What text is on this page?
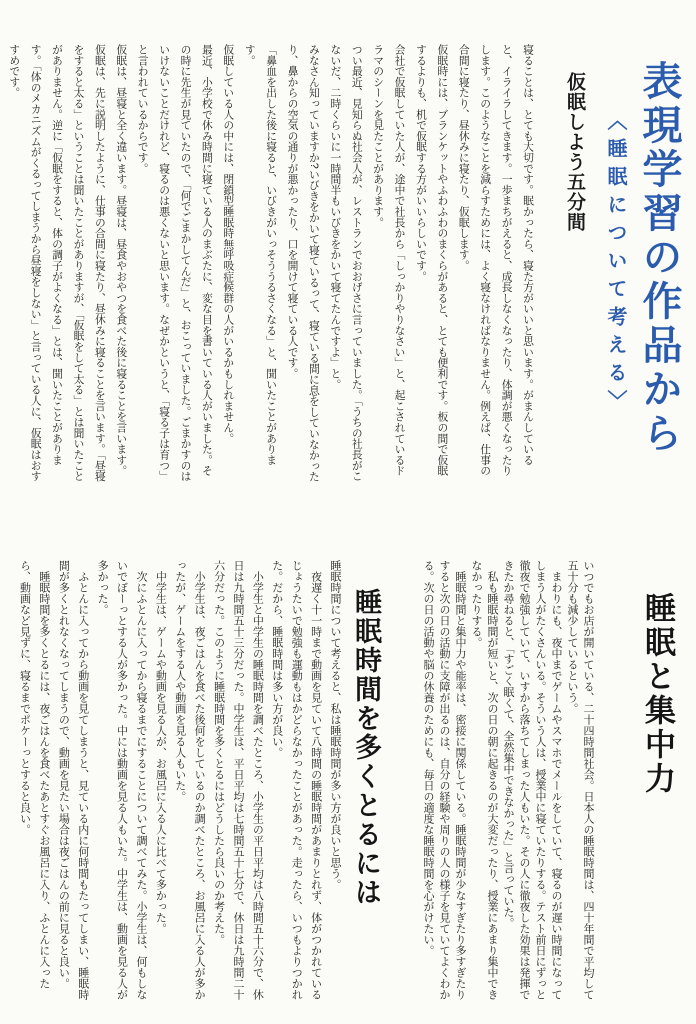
表現学習の作品から
〈睡眠について考える〉
仮眠しよう五分間

寝ることは、とても大切です。眠かったら、寝た方がいいと思います。がまんしていると、イライラしてきます。一歩まちがえると、成長しなくなったり、体調が悪くなったりします。このようなことを減らすためには、よく寝なければなりません。例えば、仕事の合間に寝たり、昼休みに寝たり、仮眠します。

仮眠時には、ブランケットやふわふわのまくらがあると、とても便利です。板の間で仮眠するよりも、机で仮眠する方がいいらしいです。

会社で仮眠していた人が、途中で社長から「しっかりやりなさい」と、起こされているドラマのシーンを見たことがあります。

つい最近、見知らぬ社会人が、レストランでおおげさに言っていました。「うちの社長がこないだ、二時くらいに一時間半もいびきをかいて寝てたんですよ」と。

みなさん知っていますか?いびきをかいて寝ているって、寝ている間に息をしていなかったり、鼻からの空気の通りが悪かったり、口を開けて寝ている人です。

「鼻血を出した後に寝ると、いびきがいっそううるさくなる」と、聞いたことがあります。

仮眠している人の中には、閉鎖型睡眠時無呼吸症候群の人がいるかもしれません。

最近、小学校で休み時間に寝ている人のまぶたに、変な目を書いている人がいました。その時に先生が見ていたので、「何でごまかしてんだ」と、おこっていました。ごまかすのはいけないことだけれど、寝るのは悪くないと思います。なぜかというと、「寝る子は育つ」と言われているからです。

仮眠は、昼寝と全く違います。昼寝は、昼食やおやつを食べた後に寝ることを言います。仮眠は、先に説明したように、仕事の合間に寝たり、昼休みに寝ることを言います。「昼寝をすると太る」ということは聞いたことがありますが、「仮眠をして太る」とは聞いたことがありません。逆に「仮眠をすると、体の調子がよくなる」とは、聞いたことがあります。「体のメカニズムがくるってしまうから昼寝をしない」と言っている人に、仮眠はおすすめです。

睡眠と集中力

いつでもお店が開いている、二十四時間社会。日本人の睡眠時間は、四十年間で平均して五十分も減少しているという。

まわりにも、夜中までゲームやスマホでメールをしていて、寝るのが遅い時間になってしまう人がたくさんいる。そういう人は、授業中に寝ていたりする。テスト前日にずっと徹夜で勉強していて、いすから落ちてしまった人もいた。その人に徹夜した効果は発揮できたか尋ねると、「すごく眠くて、全然集中できなかった」と言っていた。

私も睡眠時間が短いと、次の日の朝に起きるのが大変だったり、授業にあまり集中できなかったりする。

睡眠時間と集中力や能率は、密接に関係している。睡眠時間が少なすぎたり多すぎたりすると次の日の活動に支障が出るのは、自分の経験や周りの人の様子を見ていてよくわかる。次の日の活動や脳の休養のためにも、毎日の適度な睡眠時間を心がけたい。

睡眠時間を多くとるには

睡眠時間について考えると、私は睡眠時間が多い方が良いと思う。

夜遅く十一時まで動画を見ていて八時間の睡眠時間があまりとれず、体がつかれているじょうたいで勉強も運動もはかどらなかったことがあった。走ったら、いつもよりつかれた。だから、睡眠時間は多い方が良い。

小学生と中学生の睡眠時間を調べたところ、小学生の平日平均は八時間五十六分で、休日は九時間五十三分だった。中学生は、平日平均は七時間五十七分で、休日は九時間二十六分だった。このように睡眠時間を多くとるにはどうしたら良いのか考えた。

小学生は、夜ごはんを食べた後何をしているのか調べたところ、お風呂に入る人が多かったが、ゲームをする人や動画を見る人もいた。

中学生は、ゲームや動画を見る人が、お風呂に入る人に比べて多かった。

次にふとんに入ってから寝るまでにすることについて調べてみた。小学生は、何もしないでぼーっとする人が多かった。中には動画を見る人もいた。中学生は、動画を見る人が多かった。

ふとんに入ってから動画を見てしまうと、見ている内に何時間もたってしまい、睡眠時間が多くとれなくなってしまうので、動画を見たい場合は夜ごはんの前に見ると良い。

睡眠時間を多くとるには、夜ごはんを食べたあとすぐお風呂に入り、ふとんに入ったら、動画など見ずに、寝るまでポケーっとすると良い。
